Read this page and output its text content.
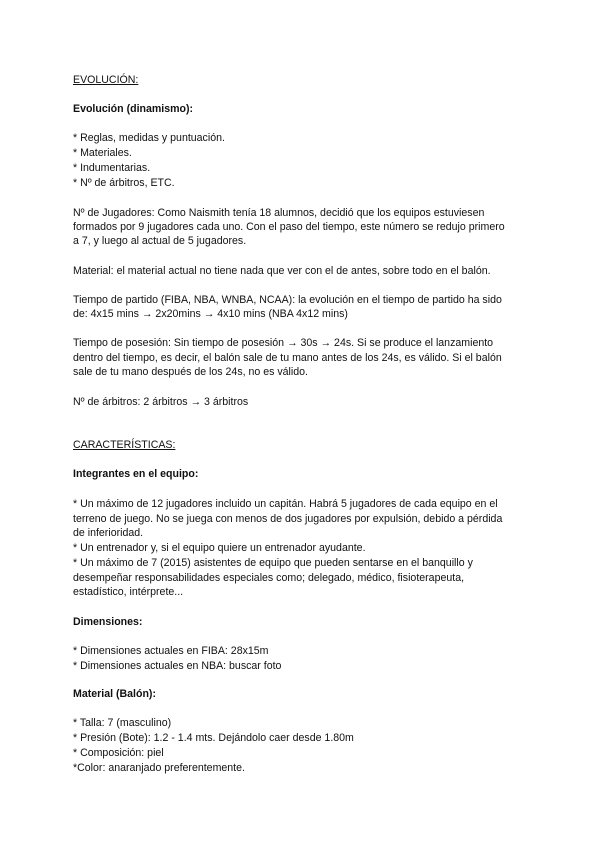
EVOLUCIÓN:
Evolución (dinamismo):
* Reglas, medidas y puntuación.
* Materiales.
* Indumentarias.
* Nº de árbitros, ETC.
Nº de Jugadores: Como Naismith tenía 18 alumnos, decidió que los equipos estuviesen
formados por 9 jugadores cada uno. Con el paso del tiempo, este número se redujo primero
a 7, y luego al actual de 5 jugadores.
Material: el material actual no tiene nada que ver con el de antes, sobre todo en el balón.
Tiempo de partido (FIBA, NBA, WNBA, NCAA): la evolución en el tiempo de partido ha sido
de: 4x15 mins → 2x20mins → 4x10 mins (NBA 4x12 mins)
Tiempo de posesión: Sin tiempo de posesión → 30s → 24s. Si se produce el lanzamiento
dentro del tiempo, es decir, el balón sale de tu mano antes de los 24s, es válido. Si el balón
sale de tu mano después de los 24s, no es válido.
Nº de árbitros: 2 árbitros → 3 árbitros
CARACTERÍSTICAS:
Integrantes en el equipo:
* Un máximo de 12 jugadores incluido un capitán. Habrá 5 jugadores de cada equipo en el
terreno de juego. No se juega con menos de dos jugadores por expulsión, debido a pérdida
de inferioridad.
* Un entrenador y, si el equipo quiere un entrenador ayudante.
* Un máximo de 7 (2015) asistentes de equipo que pueden sentarse en el banquillo y
desempeñar responsabilidades especiales como; delegado, médico, fisioterapeuta,
estadístico, intérprete...
Dimensiones:
* Dimensiones actuales en FIBA: 28x15m
* Dimensiones actuales en NBA: buscar foto
Material (Balón):
* Talla: 7 (masculino)
* Presión (Bote): 1.2 - 1.4 mts. Dejándolo caer desde 1.80m
* Composición: piel
*Color: anaranjado preferentemente.
